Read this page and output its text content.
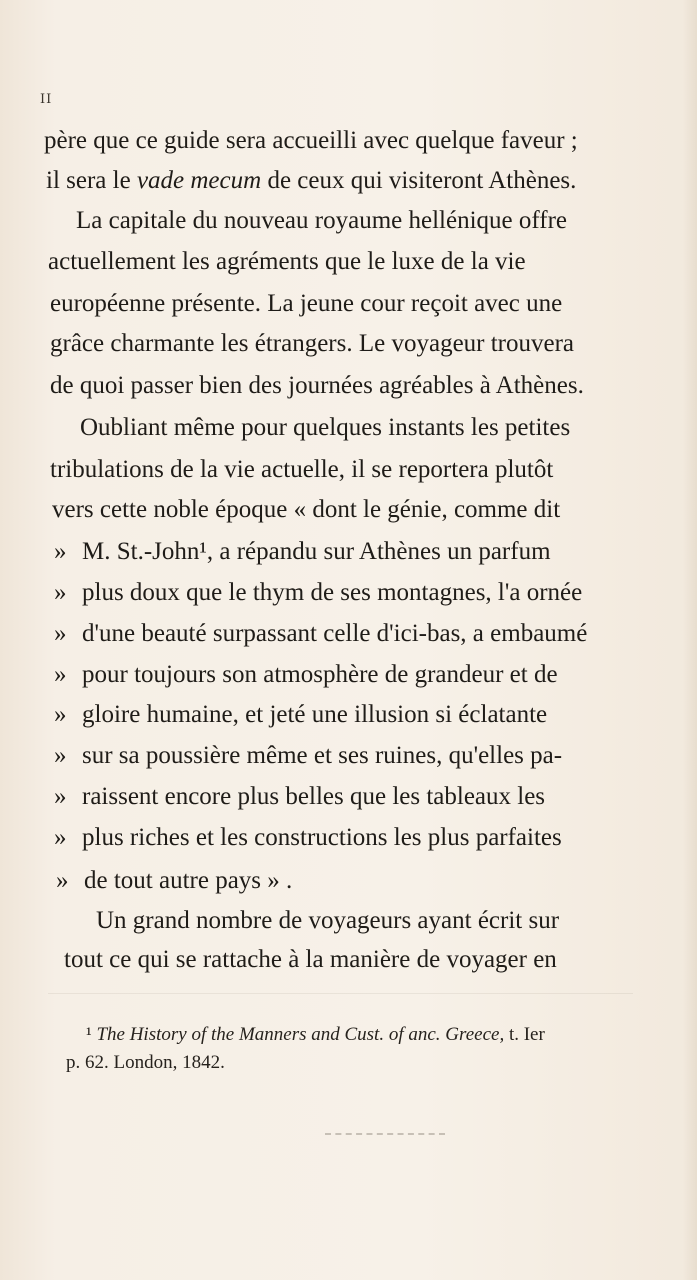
II
père que ce guide sera accueilli avec quelque faveur ;
il sera le vade mecum de ceux qui visiteront Athènes.
La capitale du nouveau royaume hellénique offre
actuellement les agréments que le luxe de la vie
européenne présente. La jeune cour reçoit avec une
grâce charmante les étrangers. Le voyageur trouvera
de quoi passer bien des journées agréables à Athènes.
Oubliant même pour quelques instants les petites
tribulations de la vie actuelle, il se reportera plutôt
vers cette noble époque « dont le génie, comme dit
» M. St.-John¹, a répandu sur Athènes un parfum
» plus doux que le thym de ses montagnes, l'a ornée
» d'une beauté surpassant celle d'ici-bas, a embaumé
» pour toujours son atmosphère de grandeur et de
» gloire humaine, et jeté une illusion si éclatante
» sur sa poussière même et ses ruines, qu'elles pa-
» raissent encore plus belles que les tableaux les
» plus riches et les constructions les plus parfaites
» de tout autre pays » .
Un grand nombre de voyageurs ayant écrit sur
tout ce qui se rattache à la manière de voyager en
¹ The History of the Manners and Cust. of anc. Greece, t. Ier
p. 62. London, 1842.
